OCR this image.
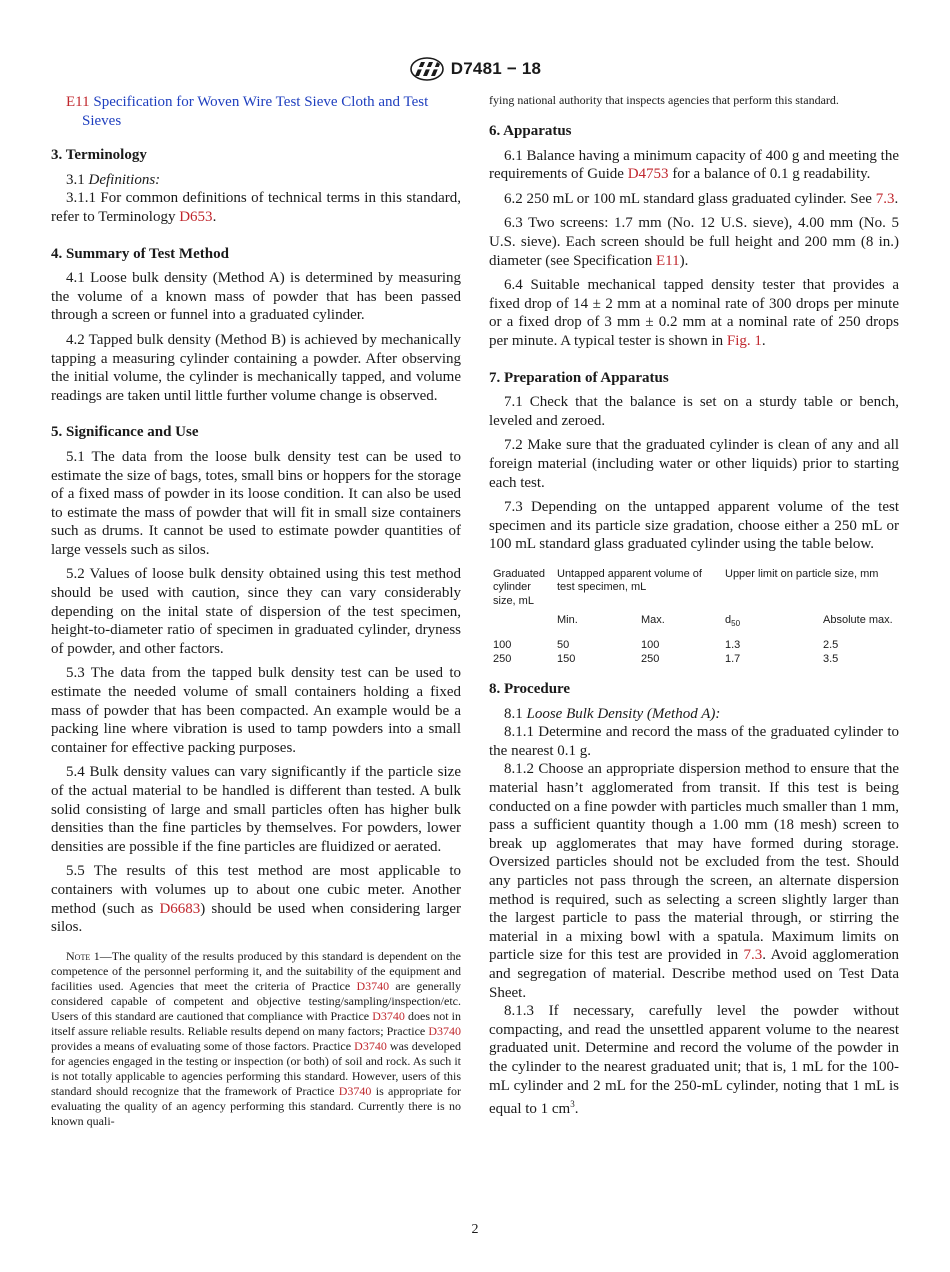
D7481 − 18

E11 Specification for Woven Wire Test Sieve Cloth and Test Sieves

3. Terminology

3.1 Definitions:

3.1.1 For common definitions of technical terms in this standard, refer to Terminology D653.

4. Summary of Test Method

4.1 Loose bulk density (Method A) is determined by measuring the volume of a known mass of powder that has been passed through a screen or funnel into a graduated cylinder.

4.2 Tapped bulk density (Method B) is achieved by mechanically tapping a measuring cylinder containing a powder. After observing the initial volume, the cylinder is mechanically tapped, and volume readings are taken until little further volume change is observed.

5. Significance and Use

5.1 The data from the loose bulk density test can be used to estimate the size of bags, totes, small bins or hoppers for the storage of a fixed mass of powder in its loose condition. It can also be used to estimate the mass of powder that will fit in small size containers such as drums. It cannot be used to estimate powder quantities of large vessels such as silos.

5.2 Values of loose bulk density obtained using this test method should be used with caution, since they can vary considerably depending on the inital state of dispersion of the test specimen, height-to-diameter ratio of specimen in graduated cylinder, dryness of powder, and other factors.

5.3 The data from the tapped bulk density test can be used to estimate the needed volume of small containers holding a fixed mass of powder that has been compacted. An example would be a packing line where vibration is used to tamp powders into a small container for effective packing purposes.

5.4 Bulk density values can vary significantly if the particle size of the actual material to be handled is different than tested. A bulk solid consisting of large and small particles often has higher bulk densities than the fine particles by themselves. For powders, lower densities are possible if the fine particles are fluidized or aerated.

5.5 The results of this test method are most applicable to containers with volumes up to about one cubic meter. Another method (such as D6683) should be used when considering larger silos.

Note 1—The quality of the results produced by this standard is dependent on the competence of the personnel performing it, and the suitability of the equipment and facilities used. Agencies that meet the criteria of Practice D3740 are generally considered capable of competent and objective testing/sampling/inspection/etc. Users of this standard are cautioned that compliance with Practice D3740 does not in itself assure reliable results. Reliable results depend on many factors; Practice D3740 provides a means of evaluating some of those factors. Practice D3740 was developed for agencies engaged in the testing or inspection (or both) of soil and rock. As such it is not totally applicable to agencies performing this standard. However, users of this standard should recognize that the framework of Practice D3740 is appropriate for evaluating the quality of an agency performing this standard. Currently there is no known quali-

fying national authority that inspects agencies that perform this standard.

6. Apparatus

6.1 Balance having a minimum capacity of 400 g and meeting the requirements of Guide D4753 for a balance of 0.1 g readability.

6.2 250 mL or 100 mL standard glass graduated cylinder. See 7.3.

6.3 Two screens: 1.7 mm (No. 12 U.S. sieve), 4.00 mm (No. 5 U.S. sieve). Each screen should be full height and 200 mm (8 in.) diameter (see Specification E11).

6.4 Suitable mechanical tapped density tester that provides a fixed drop of 14 ± 2 mm at a nominal rate of 300 drops per minute or a fixed drop of 3 mm ± 0.2 mm at a nominal rate of 250 drops per minute. A typical tester is shown in Fig. 1.

7. Preparation of Apparatus

7.1 Check that the balance is set on a sturdy table or bench, leveled and zeroed.

7.2 Make sure that the graduated cylinder is clean of any and all foreign material (including water or other liquids) prior to starting each test.

7.3 Depending on the untapped apparent volume of the test specimen and its particle size gradation, choose either a 250 mL or 100 mL standard glass graduated cylinder using the table below.

Graduated cylinder size, mL	Untapped apparent volume of test specimen, mL		Upper limit on particle size, mm	
	Min.	Max.	$d_{50}$	Absolute max.
100	50	100	1.3	2.5
250	150	250	1.7	3.5

8. Procedure

8.1 Loose Bulk Density (Method A):

8.1.1 Determine and record the mass of the graduated cylinder to the nearest 0.1 g.

8.1.2 Choose an appropriate dispersion method to ensure that the material hasn’t agglomerated from transit. If this test is being conducted on a fine powder with particles much smaller than 1 mm, pass a sufficient quantity though a 1.00 mm (18 mesh) screen to break up agglomerates that may have formed during storage. Oversized particles should not be excluded from the test. Should any particles not pass through the screen, an alternate dispersion method is required, such as selecting a screen slightly larger than the largest particle to pass the material through, or stirring the material in a mixing bowl with a spatula. Maximum limits on particle size for this test are provided in 7.3. Avoid agglomeration and segregation of material. Describe method used on Test Data Sheet.

8.1.3 If necessary, carefully level the powder without compacting, and read the unsettled apparent volume to the nearest graduated unit. Determine and record the volume of the powder in the cylinder to the nearest graduated unit; that is, 1 mL for the 100-mL cylinder and 2 mL for the 250-mL cylinder, noting that 1 mL is equal to 1 $cm^3$.

2
